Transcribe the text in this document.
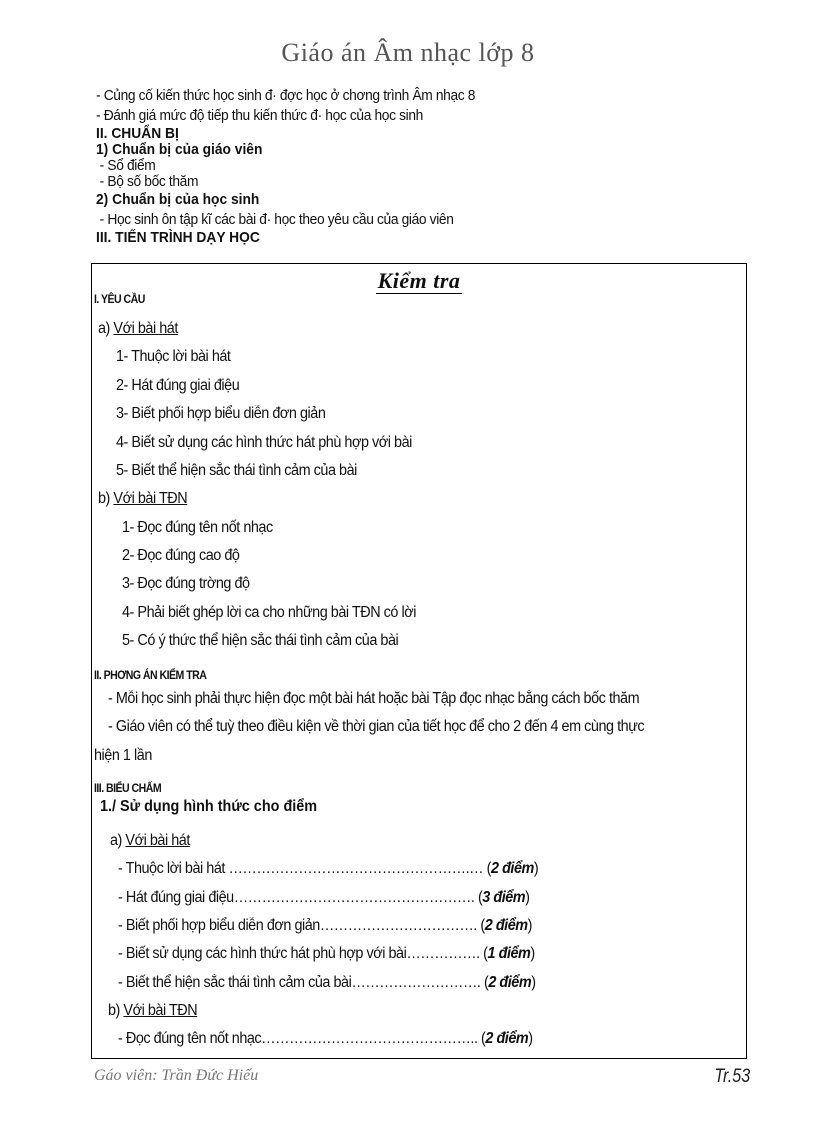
Giáo án Âm nhạc lớp 8
- Củng cố kiến thức học sinh đ· đợc học ở chơng trình Âm nhạc 8
- Đánh giá mức độ tiếp thu kiến thức đ· học của học sinh
II. CHUẨN BỊ
1) Chuẩn bị của giáo viên
- Sổ điểm
- Bộ số bốc thăm
2) Chuẩn bị của học sinh
- Học sinh ôn tập kĩ các bài đ· học theo yêu cầu của giáo viên
III. TIẾN TRÌNH DẠY HỌC
Kiểm tra
I. YÊU CẦU
a) Với bài hát
1- Thuộc lời bài hát
2- Hát đúng giai điệu
3- Biết phối hợp biểu diễn đơn giản
4- Biết sử dụng các hình thức hát phù hợp với bài
5- Biết thể hiện sắc thái tình cảm của bài
b) Với bài TĐN
1- Đọc đúng tên nốt nhạc
2- Đọc đúng cao độ
3- Đọc đúng trờng độ
4- Phải biết ghép lời ca cho những bài TĐN có lời
5- Có ý thức thể hiện sắc thái tình cảm của bài
II. PHƠNG ÁN KIỂM TRA
- Mỗi học sinh phải thực hiện đọc một bài hát hoặc bài Tập đọc nhạc bằng cách bốc thăm
- Giáo viên có thể tuỳ theo điều kiện về thời gian của tiết học để cho 2 đến 4 em cùng thực
hiện 1 lần
III. BIỂU CHẤM
1./ Sử dụng hình thức cho điểm
a) Với bài hát
- Thuộc lời bài hát …………………………………………….… (2 điểm)
- Hát đúng giai điệu……………………………………………. (3 điểm)
- Biết phối hợp biểu diễn đơn giản……………………………. (2 điểm)
- Biết sử dụng các hình thức hát phù hợp với bài……………. (1 điểm)
- Biết thể hiện sắc thái tình cảm của bài………………………. (2 điểm)
b) Với bài TĐN
- Đọc đúng tên nốt nhạc……………………………………….. (2 điểm)
Gáo viên: Trần Đức Hiếu	Tr.53
